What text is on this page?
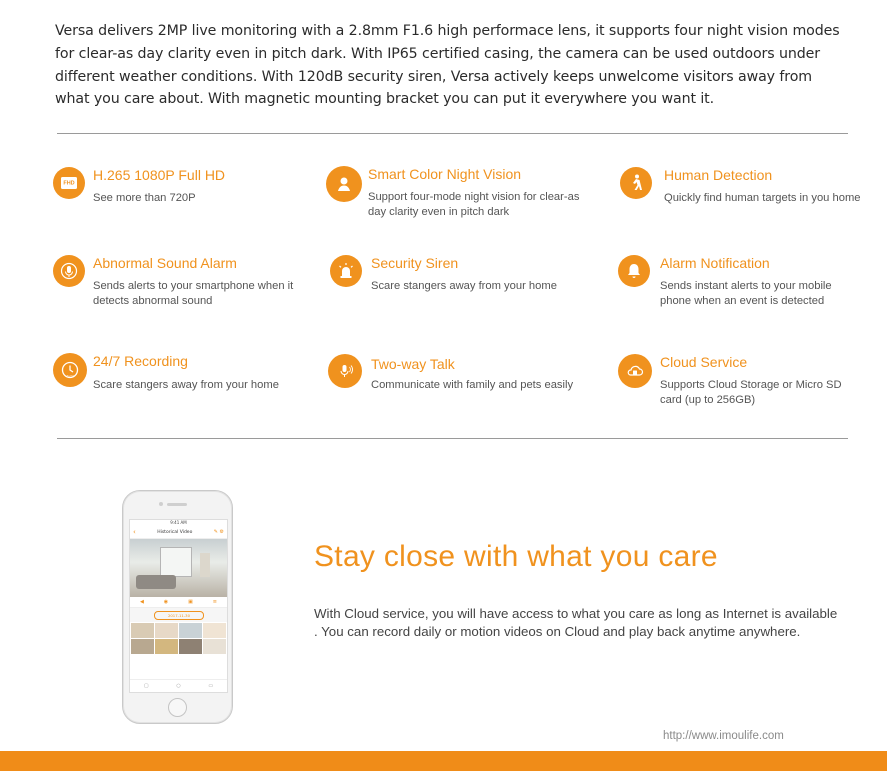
Versa delivers 2MP live monitoring with a 2.8mm F1.6 high performace lens, it supports four night vision modes for clear-as day clarity even in pitch dark. With IP65 certified casing, the camera can be used outdoors under different weather conditions. With 120dB security siren, Versa actively keeps unwelcome visitors away from what you care about. With magnetic mounting bracket you can put it everywhere you want it.

FHD
H.265 1080P Full HD
See more than 720P
Smart Color Night Vision
Support four-mode night vision for clear-as day clarity even in pitch dark
Human Detection
Quickly find human targets in you home
Abnormal Sound Alarm
Sends alerts to your smartphone when it detects abnormal sound
Security Siren
Scare stangers away from your home
Alarm Notification
Sends instant alerts to your mobile phone when an event is detected
7×24
24/7 Recording
Scare stangers away from your home
Two-way Talk
Communicate with family and pets easily
Cloud Service
Supports Cloud Storage or Micro SD card (up to 256GB)
9:41 AM
‹	Historical Video	✎ ⚙
◀	◉	▣	≡
2017-11-30
▢	○	▭
Stay close with what you care
With Cloud service, you will have access to what you care as long as Internet is available . You can record daily or motion videos on Cloud and play back anytime anywhere.
http://www.imoulife.com
